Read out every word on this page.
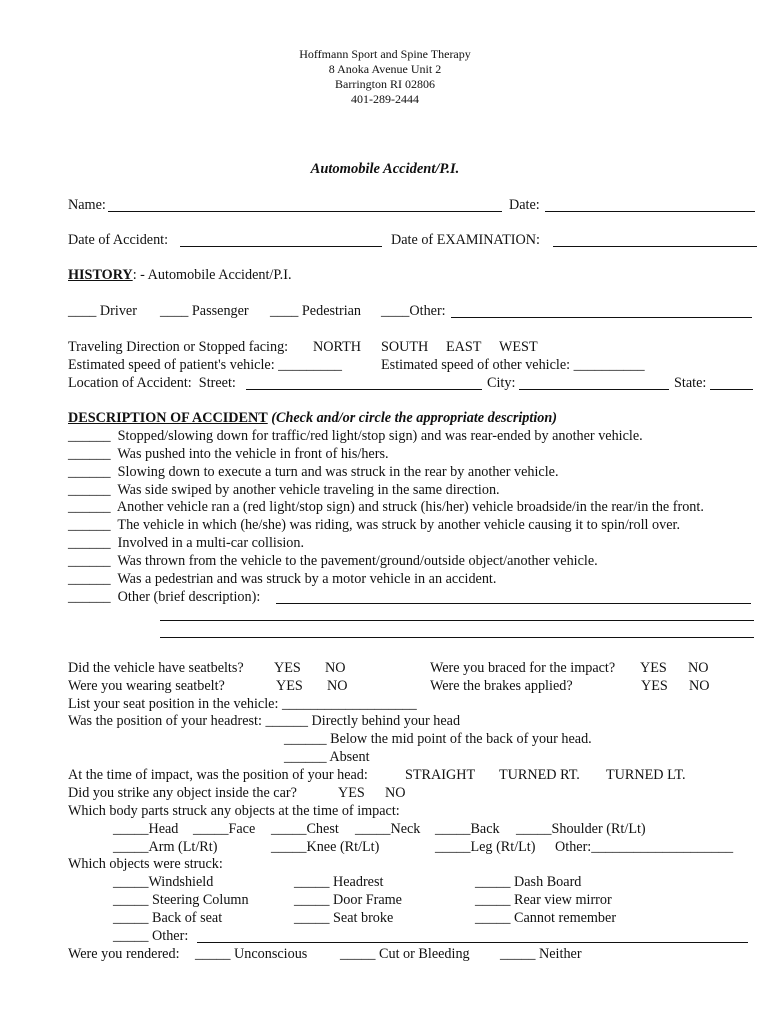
Hoffmann Sport and Spine Therapy
8 Anoka Avenue Unit 2
Barrington RI 02806
401-289-2444
Automobile Accident/P.I.
Name:	Date:
Date of Accident:	Date of EXAMINATION:
HISTORY: - Automobile Accident/P.I.
____ Driver ____ Passenger ____ Pedestrian ____Other:
Traveling Direction or Stopped facing: NORTH SOUTH EAST WEST
Estimated speed of patient's vehicle: _________	Estimated speed of other vehicle: __________
Location of Accident:  Street:	City:	State:
DESCRIPTION OF ACCIDENT (Check and/or circle the appropriate description)
______  Stopped/slowing down for traffic/red light/stop sign) and was rear-ended by another vehicle.
______  Was pushed into the vehicle in front of his/hers.
______  Slowing down to execute a turn and was struck in the rear by another vehicle.
______  Was side swiped by another vehicle traveling in the same direction.
______  Another vehicle ran a (red light/stop sign) and struck (his/her) vehicle broadside/in the rear/in the front.
______  The vehicle in which (he/she) was riding, was struck by another vehicle causing it to spin/roll over.
______  Involved in a multi-car collision.
______  Was thrown from the vehicle to the pavement/ground/outside object/another vehicle.
______  Was a pedestrian and was struck by a motor vehicle in an accident.
______  Other (brief description):
Did the vehicle have seatbelts? YES NO	Were you braced for the impact? YES NO
Were you wearing seatbelt?	YES NO	Were the brakes applied?	YES NO
List your seat position in the vehicle: ___________________
Was the position of your headrest: ______ Directly behind your head
______ Below the mid point of the back of your head.
______ Absent
At the time of impact, was the position of your head:	STRAIGHT TURNED RT. TURNED LT.
Did you strike any object inside the car?	YES NO
Which body parts struck any objects at the time of impact:
_____Head _____Face _____Chest _____Neck _____Back _____Shoulder (Rt/Lt)
_____Arm (Lt/Rt)	_____Knee (Rt/Lt)	_____Leg (Rt/Lt) Other:____________________
Which objects were struck:
_____Windshield	_____ Headrest	_____ Dash Board
_____ Steering Column	_____ Door Frame	_____ Rear view mirror
_____ Back of seat	_____ Seat broke	_____ Cannot remember
_____ Other:
Were you rendered: _____ Unconscious _____ Cut or Bleeding _____ Neither
